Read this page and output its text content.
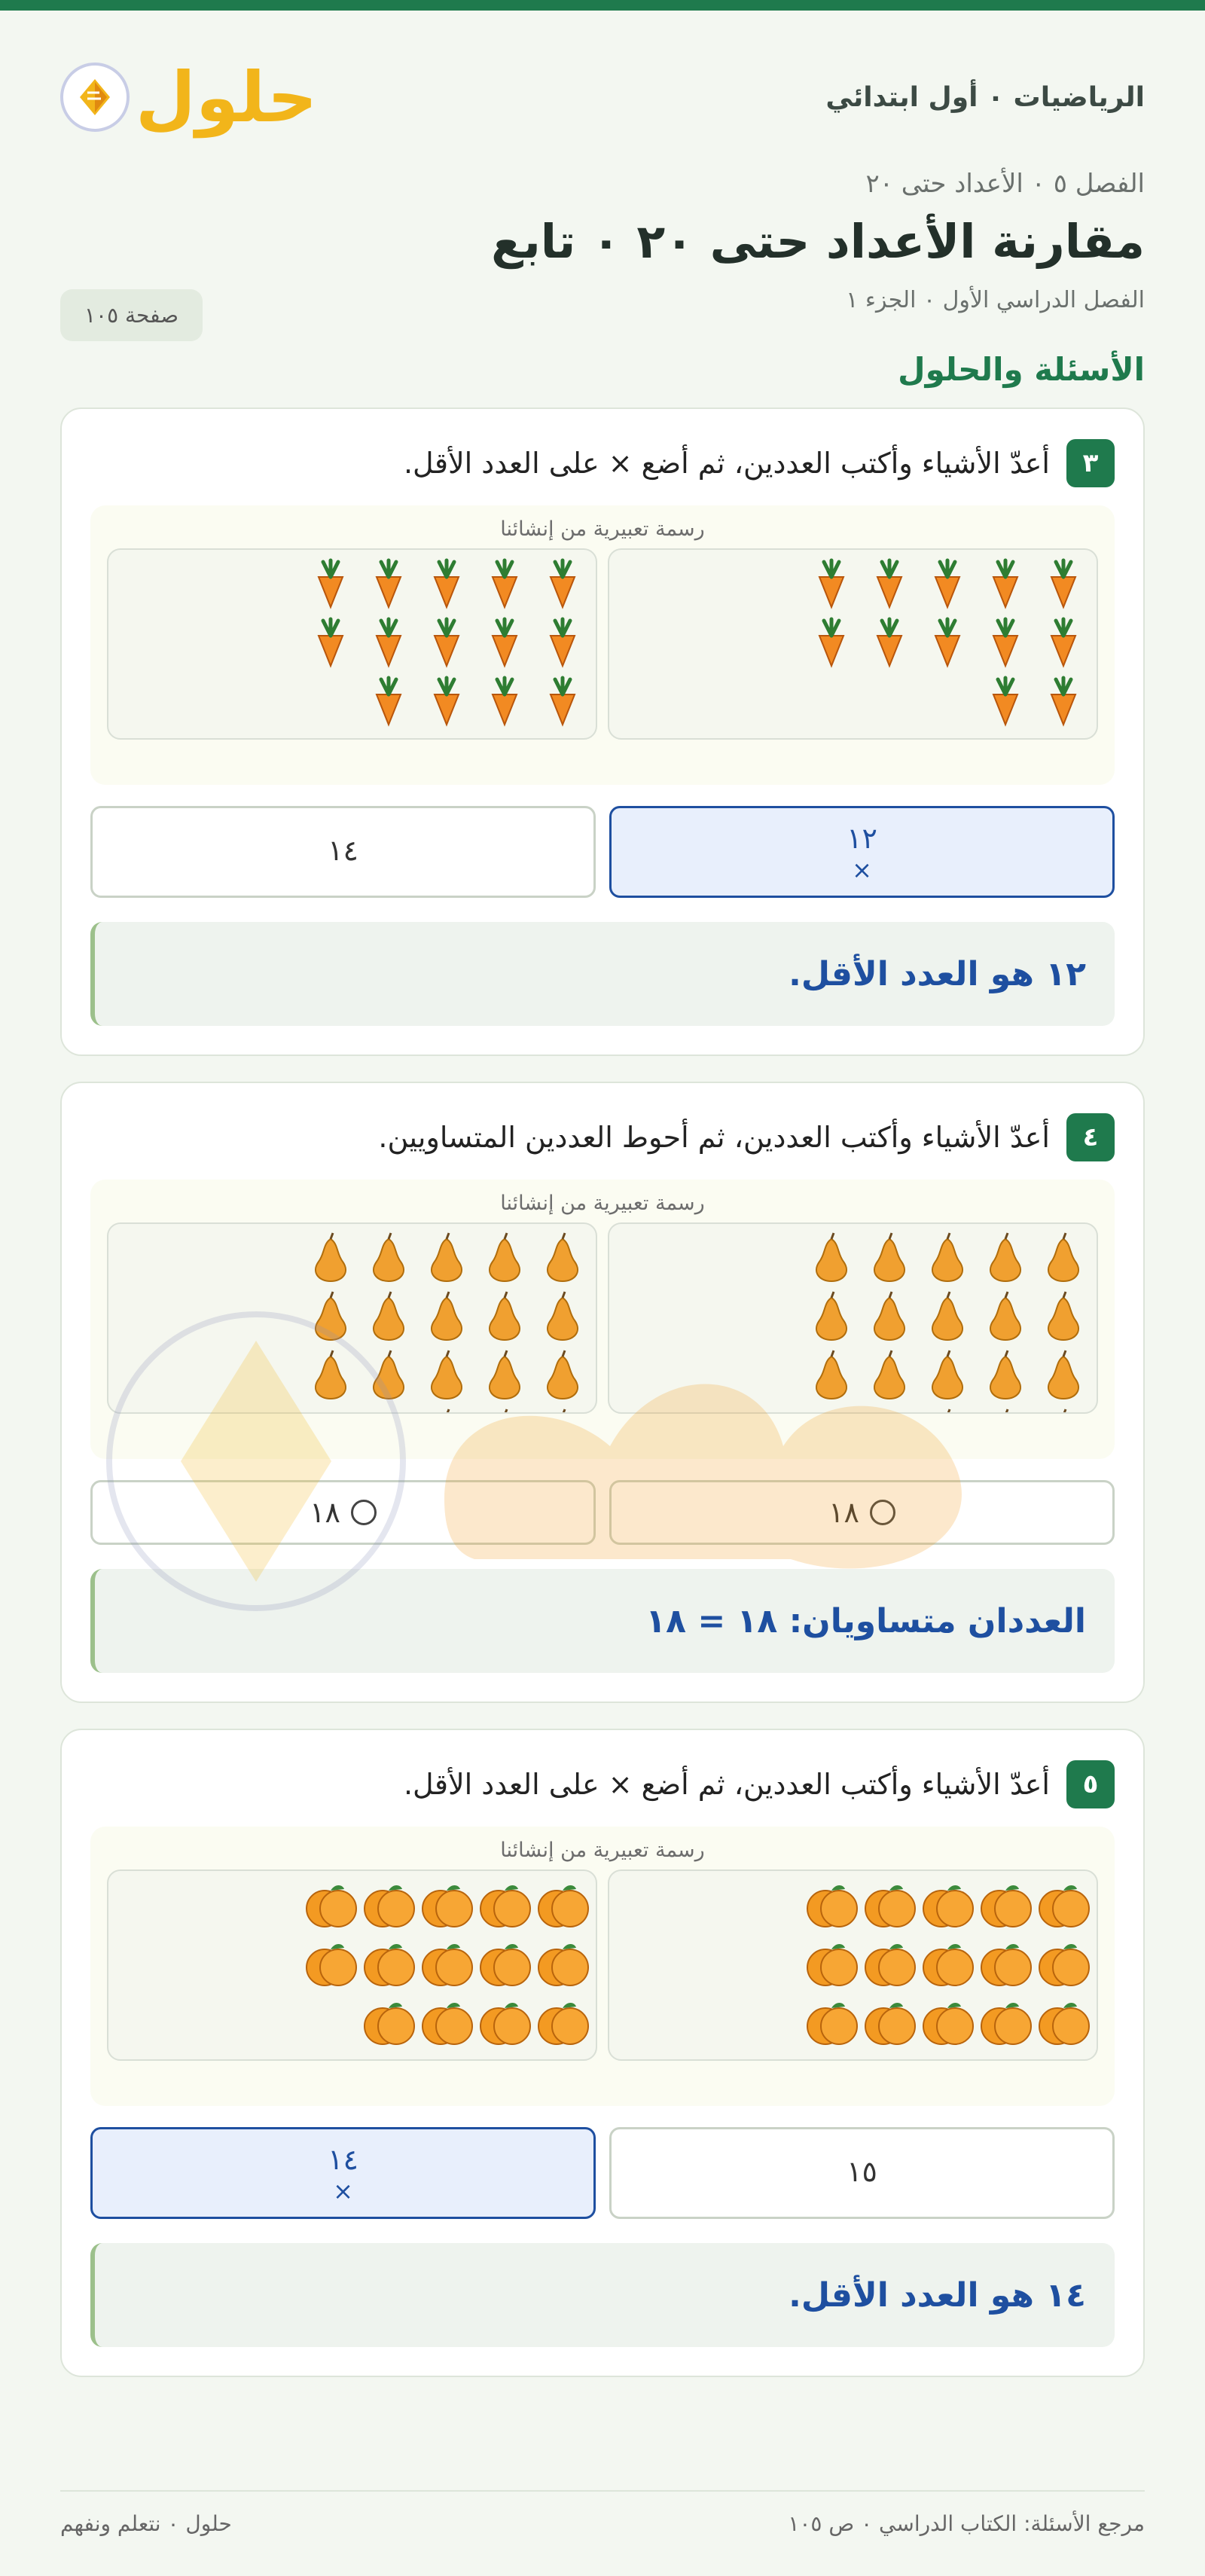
الرياضيات ٠ أول ابتدائي
حلول
الفصل ٥ ٠ الأعداد حتى ٢٠
مقارنة الأعداد حتى ٢٠ ٠ تابع
الفصل الدراسي الأول ٠ الجزء ١
صفحة ١٠٥
الأسئلة والحلول
٣
أعدّ الأشياء وأكتب العددين، ثم أضع × على العدد الأقل.
رسمة تعبيرية من إنشائنا
١٢
×
١٤
١٢ هو العدد الأقل.
٤
أعدّ الأشياء وأكتب العددين، ثم أحوط العددين المتساويين.
رسمة تعبيرية من إنشائنا
١٨
١٨
العددان متساويان: ١٨ = ١٨
٥
أعدّ الأشياء وأكتب العددين، ثم أضع × على العدد الأقل.
رسمة تعبيرية من إنشائنا
١٥
١٤
×
١٤ هو العدد الأقل.
مرجع الأسئلة: الكتاب الدراسي ٠ ص ١٠٥
حلول ٠ نتعلم ونفهم
